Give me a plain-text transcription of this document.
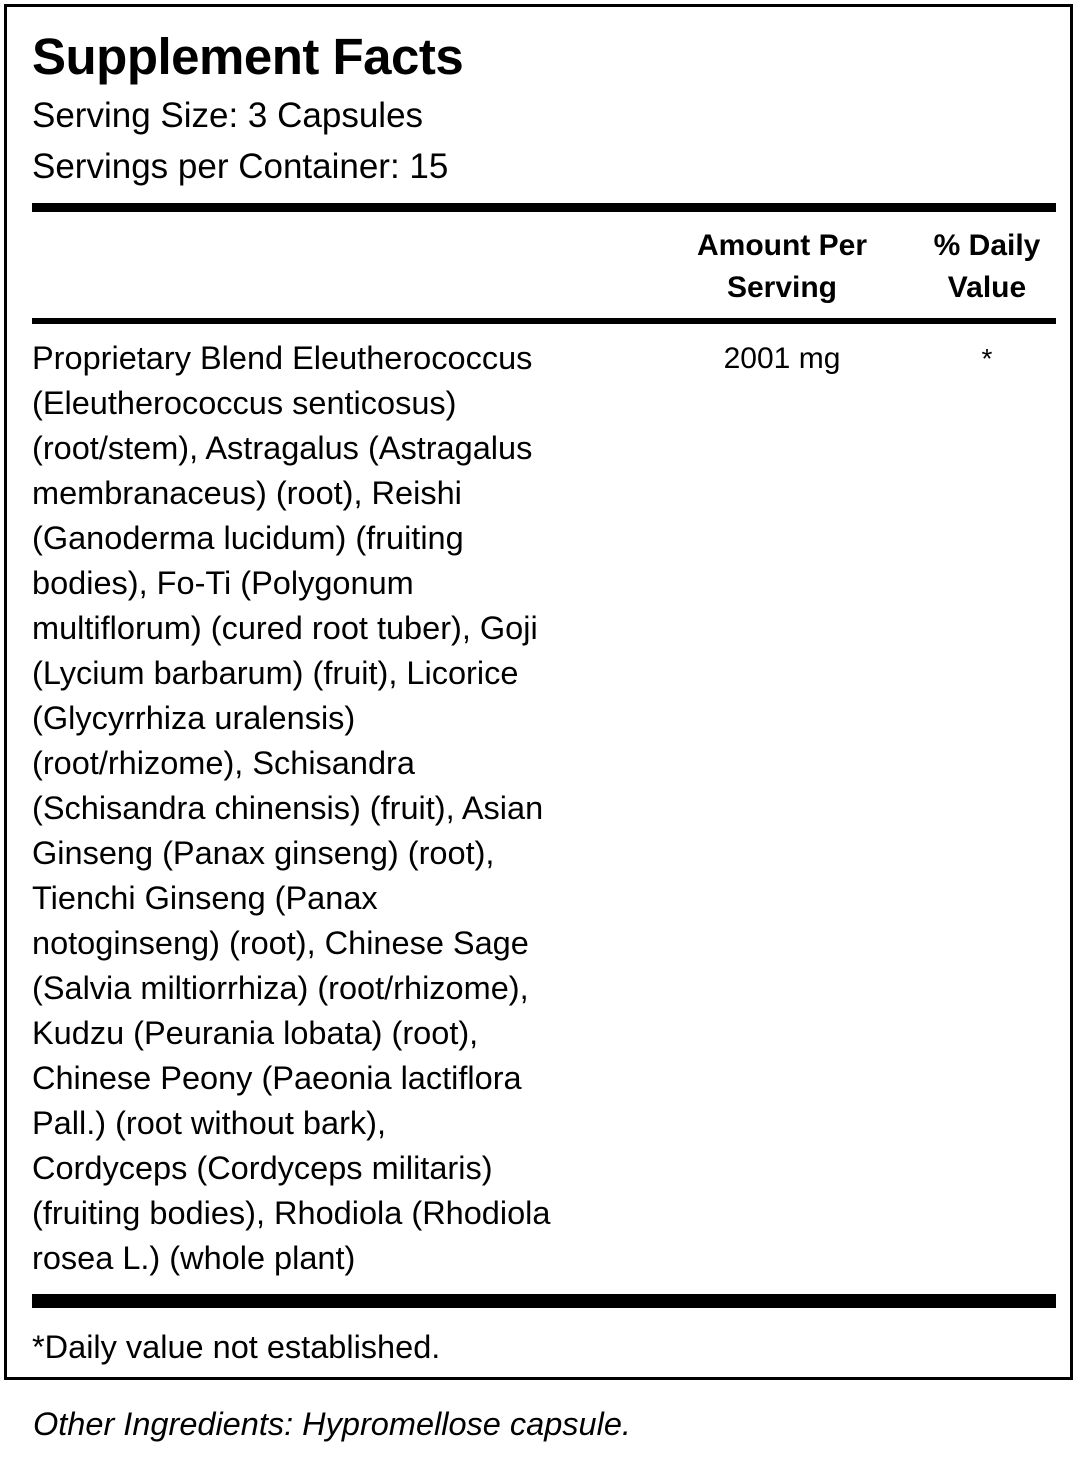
Supplement Facts
Serving Size: 3 Capsules
Servings per Container: 15
Amount Per
Serving
% Daily
Value
Proprietary Blend Eleutherococcus
(Eleutherococcus senticosus)
(root/stem), Astragalus (Astragalus
membranaceus) (root), Reishi
(Ganoderma lucidum) (fruiting
bodies), Fo-Ti (Polygonum
multiflorum) (cured root tuber), Goji
(Lycium barbarum) (fruit), Licorice
(Glycyrrhiza uralensis)
(root/rhizome), Schisandra
(Schisandra chinensis) (fruit), Asian
Ginseng (Panax ginseng) (root),
Tienchi Ginseng (Panax
notoginseng) (root), Chinese Sage
(Salvia miltiorrhiza) (root/rhizome),
Kudzu (Peurania lobata) (root),
Chinese Peony (Paeonia lactiflora
Pall.) (root without bark),
Cordyceps (Cordyceps militaris)
(fruiting bodies), Rhodiola (Rhodiola
rosea L.) (whole plant)
2001 mg	*
*Daily value not established.
Other Ingredients: Hypromellose capsule.
